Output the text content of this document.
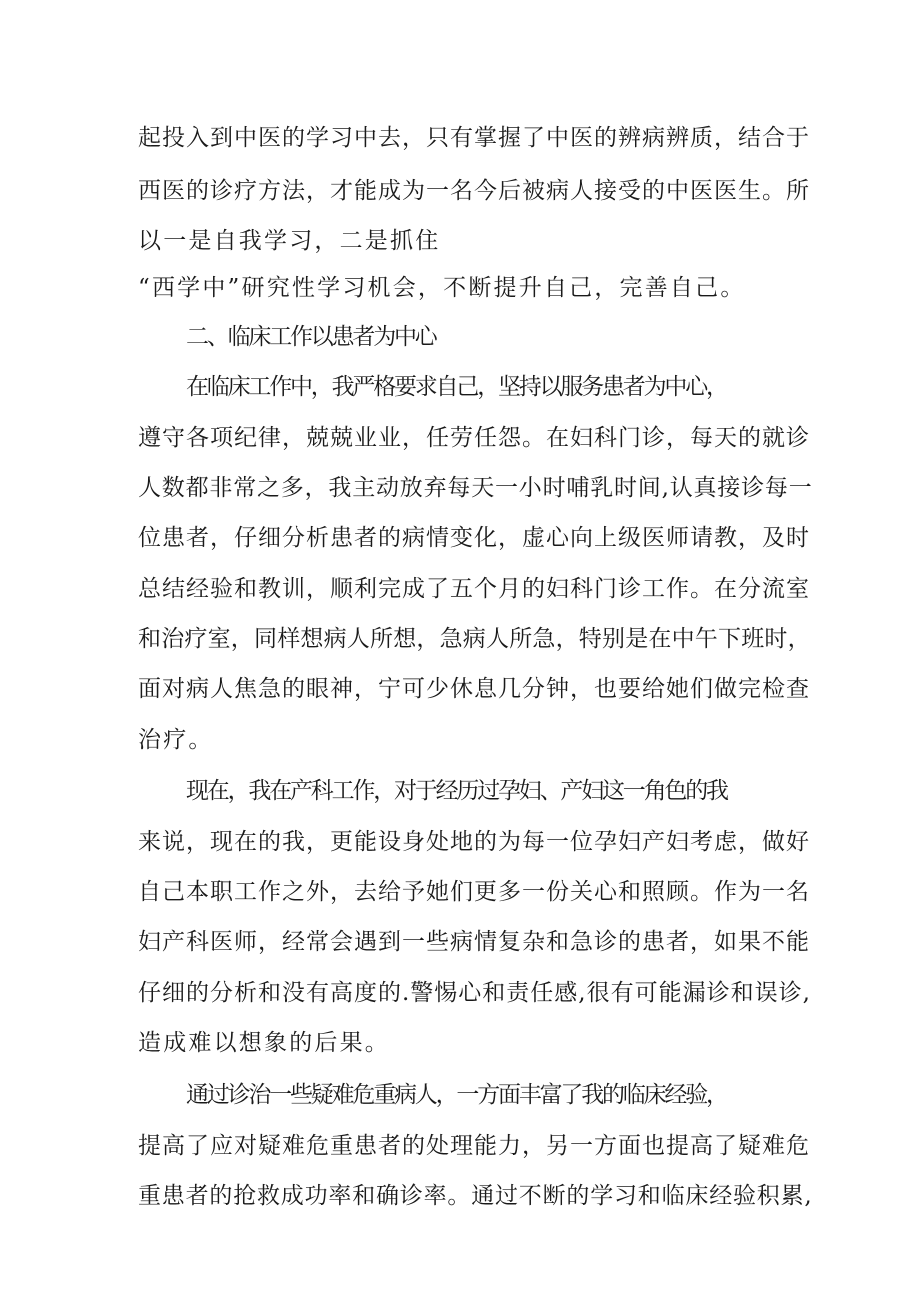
起投入到中医的学习中去，只有掌握了中医的辨病辨质，结合于

西医的诊疗方法，才能成为一名今后被病人接受的中医医生。所

以一是自我学习，二是抓住

“西学中”研究性学习机会，不断提升自己，完善自己。

二、临床工作以患者为中心

在临床工作中，我严格要求自己，坚持以服务患者为中心，

遵守各项纪律，兢兢业业，任劳任怨。在妇科门诊，每天的就诊

人数都非常之多，我主动放弃每天一小时哺乳时间,认真接诊每一

位患者，仔细分析患者的病情变化，虚心向上级医师请教，及时

总结经验和教训，顺利完成了五个月的妇科门诊工作。在分流室

和治疗室，同样想病人所想，急病人所急，特别是在中午下班时，

面对病人焦急的眼神，宁可少休息几分钟，也要给她们做完检查

治疗。

现在，我在产科工作，对于经历过孕妇、产妇这一角色的我

来说，现在的我，更能设身处地的为每一位孕妇产妇考虑，做好

自己本职工作之外，去给予她们更多一份关心和照顾。作为一名

妇产科医师，经常会遇到一些病情复杂和急诊的患者，如果不能

仔细的分析和没有高度的.警惕心和责任感,很有可能漏诊和误诊,

造成难以想象的后果。

通过诊治一些疑难危重病人，一方面丰富了我的临床经验，

提高了应对疑难危重患者的处理能力，另一方面也提高了疑难危

重患者的抢救成功率和确诊率。通过不断的学习和临床经验积累,
